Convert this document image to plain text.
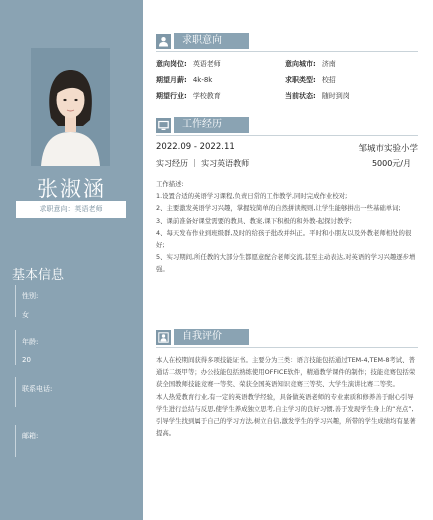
张淑涵
求职意向：英语老师
基本信息
性别:
女
年龄:
20
联系电话:
邮箱:
求职意向
意向岗位: 英语老师	意向城市: 济南
期望月薪: 4k-8k	求职类型: 校招
期望行业: 学校教育	当前状态: 随时到岗
工作经历
2022.09 - 2022.11	邹城市实验小学
实习经历 ｜ 实习英语教师	5000元/月
工作描述:
1.设置合适的英语学习课程,负责日常的工作教学,同时完成作业校对;
2、主要激发英语学习兴趣，掌握较简单的自然拼读规则,让学生能够拼出一些基础单词;
3、课前准备好课堂需要的教具、教案,课下积极的和外教-起探讨教学;
4、每天发布作业到班级群,及时的给孩子批改并纠正。平时和小朋友以及外教老师相处的很好;
5、实习期间,所任教的大部分生都愿意配合老师交流,甚至主动表达,对英语的学习兴趣逐步增强。
自我评价
本人在校期间获得多项技能证书。主要分为三类：语言技能包括通过TEM-4,TEM-8考试、普通话二级甲等；办公技能包括熟练使用OFFICE软件，精通教学课件的制作；技能竞赛包括荣获全国教师技能竞赛一等奖、荣获全国英语知识竞赛三等奖、大学生演讲比赛二等奖。
本人热爱教育行业,有一定的英语教学经验，具备做英语老师的专业素质和修养善于耐心引导学生进行总结与反思,使学生养成独立思考,自主学习的良好习惯,善于发现学生身上的“亮点”,引导学生找到属于自己的学习方法,树立自信,激发学生的学习兴趣，所带的学生成绩均有显著提高。
